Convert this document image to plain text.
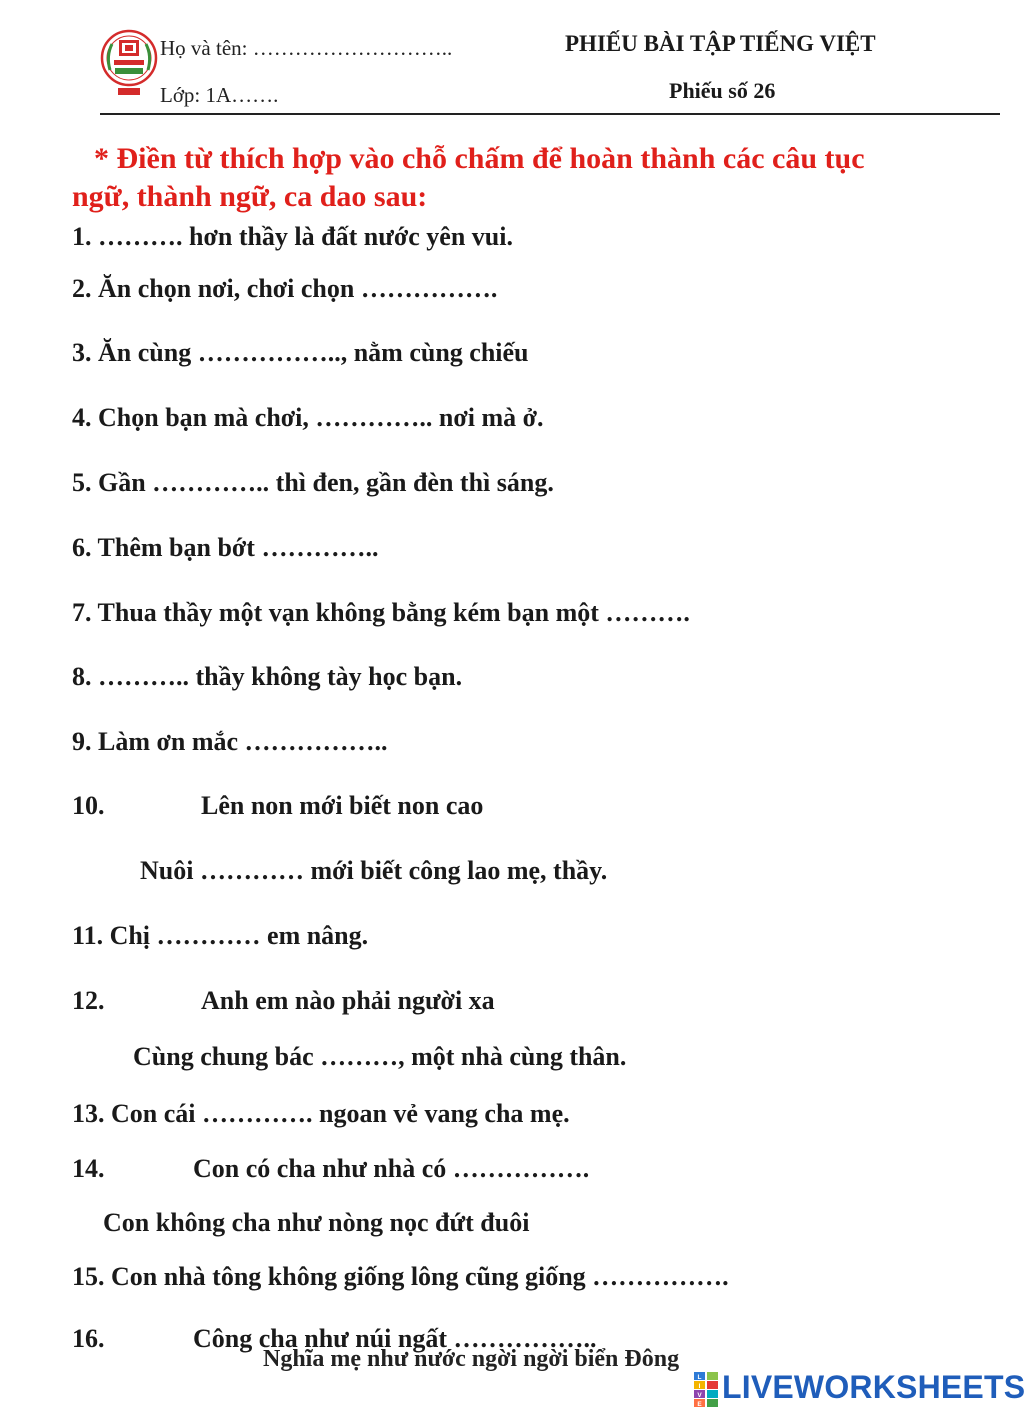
Họ và tên: ………………………..
Lớp: 1A…….
PHIẾU BÀI TẬP TIẾNG VIỆT
Phiếu số 26
* Điền từ thích hợp vào chỗ chấm để hoàn thành các câu tục
ngữ, thành ngữ, ca dao sau:
1. ………. hơn thầy là đất nước yên vui.
2. Ăn chọn nơi, chơi chọn …………….
3. Ăn cùng …………….., nằm cùng chiếu
4. Chọn bạn mà chơi, ………….. nơi mà ở.
5. Gần ………….. thì đen, gần đèn thì sáng.
6. Thêm bạn bớt …………..
7. Thua thầy một vạn không bằng kém bạn một ……….
8. ……….. thầy không tày học bạn.
9. Làm ơn mắc ……………..
10.	Lên non mới biết non cao
Nuôi ………… mới biết công lao mẹ, thầy.
11. Chị ………… em nâng.
12.	Anh em nào phải người xa
Cùng chung bác ………, một nhà cùng thân.
13. Con cái …………. ngoan vẻ vang cha mẹ.
14.	Con có cha như nhà có …………….
Con không cha như nòng nọc đứt đuôi
15. Con nhà tông không giống lông cũng giống …………….
16.	Công cha như núi ngất ……………..
Nghĩa mẹ như nước ngời ngời biển Đông
L
I
V
E LIVEWORKSHEETS
